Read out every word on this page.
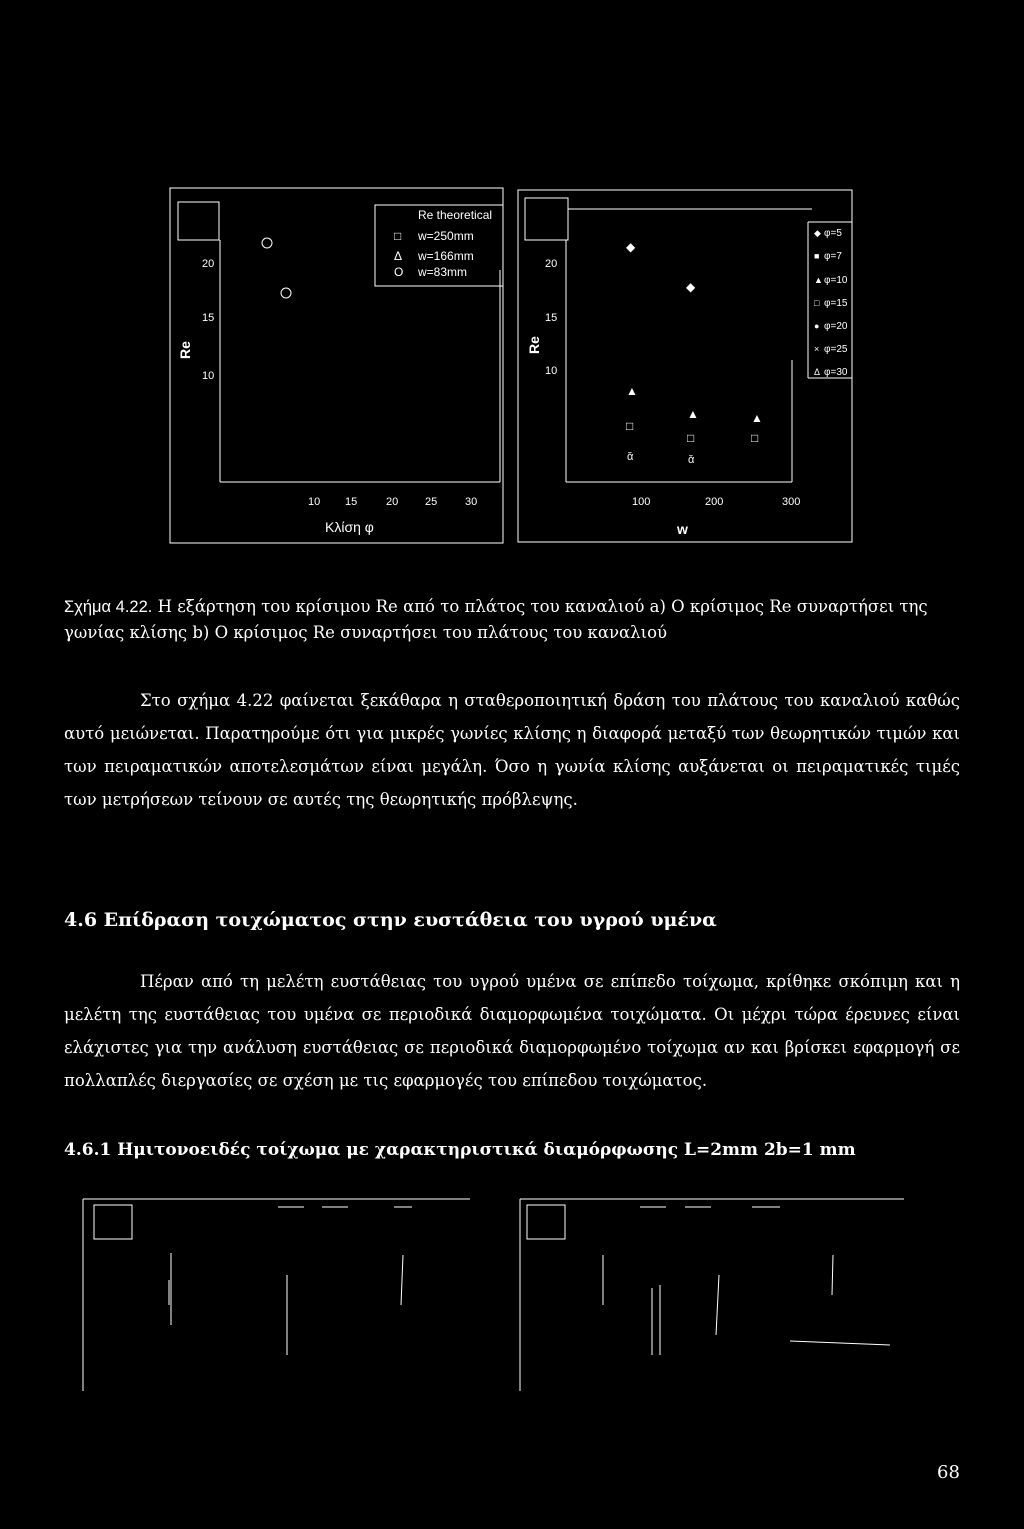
Re
20
15
10
10 15	20 25	30
Κλίση φ
Re theoretical
□ w=250mm
Δ w=166mm
O w=83mm
Re
20
15
10
100	200	300
w
◆
◆
▲
▲	▲
□
□	□
ᾰ	ᾰ
◆ φ=5
■ φ=7
▲ φ=10
□ φ=15
● φ=20
× φ=25
Δ φ=30
Σχήμα 4.22. Η εξάρτηση του κρίσιμου Re από το πλάτος του καναλιού a) O κρίσιμος Re συναρτήσει της γωνίας κλίσης b) Ο κρίσιμος Re συναρτήσει του πλάτους του καναλιού

Στο σχήμα 4.22 φαίνεται ξεκάθαρα η σταθεροποιητική δράση του πλάτους του καναλιού καθώς αυτό μειώνεται. Παρατηρούμε ότι για μικρές γωνίες κλίσης η διαφορά μεταξύ των θεωρητικών τιμών και των πειραματικών αποτελεσμάτων είναι μεγάλη. Όσο η γωνία κλίσης αυξάνεται οι πειραματικές τιμές των μετρήσεων τείνουν σε αυτές της θεωρητικής πρόβλεψης.

4.6 Επίδραση τοιχώματος στην ευστάθεια του υγρού υμένα

Πέραν από τη μελέτη ευστάθειας του υγρού υμένα σε επίπεδο τοίχωμα, κρίθηκε σκόπιμη και η μελέτη της ευστάθειας του υμένα σε περιοδικά διαμορφωμένα τοιχώματα. Οι μέχρι τώρα έρευνες είναι ελάχιστες για την ανάλυση ευστάθειας σε περιοδικά διαμορφωμένο τοίχωμα αν και βρίσκει εφαρμογή σε πολλαπλές διεργασίες σε σχέση με τις εφαρμογές του επίπεδου τοιχώματος.

4.6.1 Ημιτονοειδές τοίχωμα με χαρακτηριστικά διαμόρφωσης L=2mm 2b=1 mm
68
